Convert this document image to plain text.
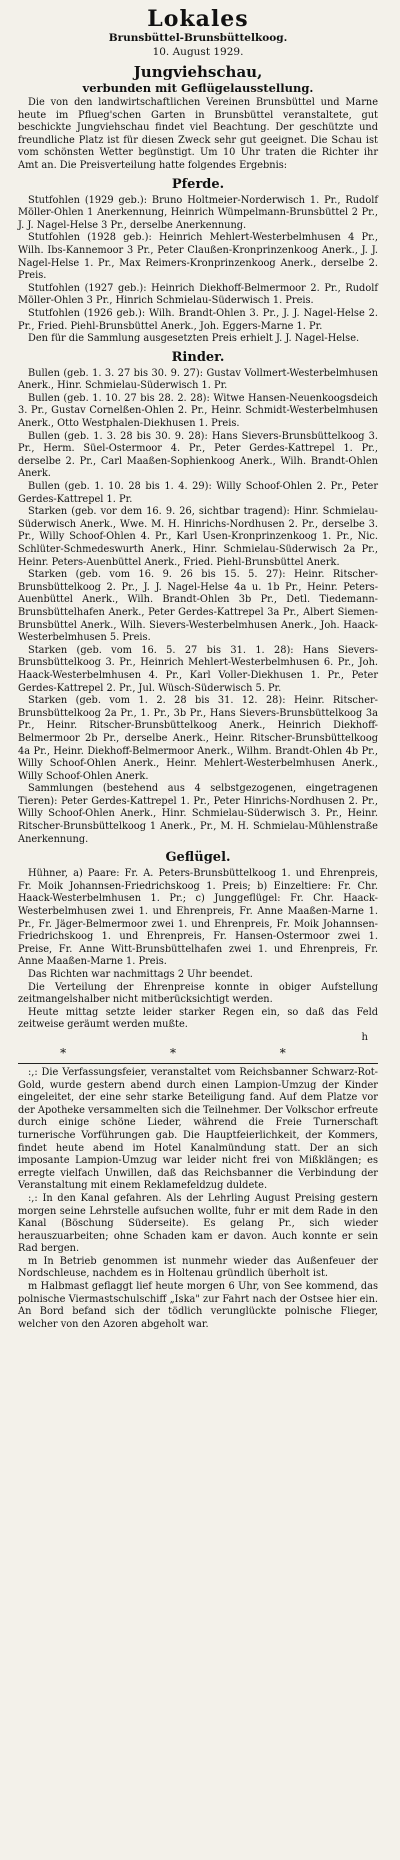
Lokales
Brunsbüttel-Brunsbüttelkoog.
10. August 1929.
Jungviehschau,
verbunden mit Geflügelausstellung.

Die von den landwirtschaftlichen Vereinen Brunsbüttel und Marne heute im Pflueg'schen Garten in Brunsbüttel veranstaltete, gut beschickte Jungviehschau findet viel Beachtung. Der geschützte und freundliche Platz ist für diesen Zweck sehr gut geeignet. Die Schau ist vom schönsten Wetter begünstigt. Um 10 Uhr traten die Richter ihr Amt an. Die Preisverteilung hatte folgendes Ergebnis:

Pferde.

Stutfohlen (1929 geb.): Bruno Holtmeier-Norderwisch 1. Pr., Rudolf Möller-Ohlen 1 Anerkennung, Heinrich Wümpelmann-Brunsbüttel 2 Pr., J. J. Nagel-Helse 3 Pr., derselbe Anerkennung.

Stutfohlen (1928 geb.): Heinrich Mehlert-Westerbelmhusen 4 Pr., Wilh. Ibs-Kannemoor 3 Pr., Peter Claußen-Kronprinzenkoog Anerk., J. J. Nagel-Helse 1. Pr., Max Reimers-Kronprinzenkoog Anerk., derselbe 2. Preis.

Stutfohlen (1927 geb.): Heinrich Diekhoff-Belmermoor 2. Pr., Rudolf Möller-Ohlen 3 Pr., Hinrich Schmielau-Süderwisch 1. Preis.

Stutfohlen (1926 geb.): Wilh. Brandt-Ohlen 3. Pr., J. J. Nagel-Helse 2. Pr., Fried. Piehl-Brunsbüttel Anerk., Joh. Eggers-Marne 1. Pr.

Den für die Sammlung ausgesetzten Preis erhielt J. J. Nagel-Helse.

Rinder.

Bullen (geb. 1. 3. 27 bis 30. 9. 27): Gustav Vollmert-Westerbelmhusen Anerk., Hinr. Schmielau-Süderwisch 1. Pr.

Bullen (geb. 1. 10. 27 bis 28. 2. 28): Witwe Hansen-Neuenkoogsdeich 3. Pr., Gustav Cornelßen-Ohlen 2. Pr., Heinr. Schmidt-Westerbelmhusen Anerk., Otto Westphalen-Diekhusen 1. Preis.

Bullen (geb. 1. 3. 28 bis 30. 9. 28): Hans Sievers-Brunsbüttelkoog 3. Pr., Herm. Süel-Ostermoor 4. Pr., Peter Gerdes-Kattrepel 1. Pr., derselbe 2. Pr., Carl Maaßen-Sophienkoog Anerk., Wilh. Brandt-Ohlen Anerk.

Bullen (geb. 1. 10. 28 bis 1. 4. 29): Willy Schoof-Ohlen 2. Pr., Peter Gerdes-Kattrepel 1. Pr.

Starken (geb. vor dem 16. 9. 26, sichtbar tragend): Hinr. Schmielau-Süderwisch Anerk., Wwe. M. H. Hinrichs-Nordhusen 2. Pr., derselbe 3. Pr., Willy Schoof-Ohlen 4. Pr., Karl Usen-Kronprinzenkoog 1. Pr., Nic. Schlüter-Schmedeswurth Anerk., Hinr. Schmielau-Süderwisch 2a Pr., Heinr. Peters-Auenbüttel Anerk., Fried. Piehl-Brunsbüttel Anerk.

Starken (geb. vom 16. 9. 26 bis 15. 5. 27): Heinr. Ritscher-Brunsbüttelkoog 2. Pr., J. J. Nagel-Helse 4a u. 1b Pr., Heinr. Peters-Auenbüttel Anerk., Wilh. Brandt-Ohlen 3b Pr., Detl. Tiedemann-Brunsbüttelhafen Anerk., Peter Gerdes-Kattrepel 3a Pr., Albert Siemen-Brunsbüttel Anerk., Wilh. Sievers-Westerbelmhusen Anerk., Joh. Haack-Westerbelmhusen 5. Preis.

Starken (geb. vom 16. 5. 27 bis 31. 1. 28): Hans Sievers-Brunsbüttelkoog 3. Pr., Heinrich Mehlert-Westerbelmhusen 6. Pr., Joh. Haack-Westerbelmhusen 4. Pr., Karl Voller-Diekhusen 1. Pr., Peter Gerdes-Kattrepel 2. Pr., Jul. Wüsch-Süderwisch 5. Pr.

Starken (geb. vom 1. 2. 28 bis 31. 12. 28): Heinr. Ritscher-Brunsbüttelkoog 2a Pr., 1. Pr., 3b Pr., Hans Sievers-Brunsbüttelkoog 3a Pr., Heinr. Ritscher-Brunsbüttelkoog Anerk., Heinrich Diekhoff-Belmermoor 2b Pr., derselbe Anerk., Heinr. Ritscher-Brunsbüttelkoog 4a Pr., Heinr. Diekhoff-Belmermoor Anerk., Wilhm. Brandt-Ohlen 4b Pr., Willy Schoof-Ohlen Anerk., Heinr. Mehlert-Westerbelmhusen Anerk., Willy Schoof-Ohlen Anerk.

Sammlungen (bestehend aus 4 selbstgezogenen, eingetragenen Tieren): Peter Gerdes-Kattrepel 1. Pr., Peter Hinrichs-Nordhusen 2. Pr., Willy Schoof-Ohlen Anerk., Hinr. Schmielau-Süderwisch 3. Pr., Heinr. Ritscher-Brunsbüttelkoog 1 Anerk., Pr., M. H. Schmielau-Mühlenstraße Anerkennung.

Geflügel.

Hühner, a) Paare: Fr. A. Peters-Brunsbüttelkoog 1. und Ehrenpreis, Fr. Moik Johannsen-Friedrichskoog 1. Preis; b) Einzeltiere: Fr. Chr. Haack-Westerbelmhusen 1. Pr.; c) Junggeflügel: Fr. Chr. Haack-Westerbelmhusen zwei 1. und Ehrenpreis, Fr. Anne Maaßen-Marne 1. Pr., Fr. Jäger-Belmermoor zwei 1. und Ehrenpreis, Fr. Moik Johannsen-Friedrichskoog 1. und Ehrenpreis, Fr. Hansen-Ostermoor zwei 1. Preise, Fr. Anne Witt-Brunsbüttelhafen zwei 1. und Ehrenpreis, Fr. Anne Maaßen-Marne 1. Preis.

Das Richten war nachmittags 2 Uhr beendet.

Die Verteilung der Ehrenpreise konnte in obiger Aufstellung zeitmangelshalber nicht mitberücksichtigt werden.

Heute mittag setzte leider starker Regen ein, so daß das Feld zeitweise geräumt werden mußte.

h
* * *

:,: Die Verfassungsfeier, veranstaltet vom Reichsbanner Schwarz-Rot-Gold, wurde gestern abend durch einen Lampion-Umzug der Kinder eingeleitet, der eine sehr starke Beteiligung fand. Auf dem Platze vor der Apotheke versammelten sich die Teilnehmer. Der Volkschor erfreute durch einige schöne Lieder, während die Freie Turnerschaft turnerische Vorführungen gab. Die Hauptfeierlichkeit, der Kommers, findet heute abend im Hotel Kanalmündung statt. Der an sich imposante Lampion-Umzug war leider nicht frei von Mißklängen; es erregte vielfach Unwillen, daß das Reichsbanner die Verbindung der Veranstaltung mit einem Reklamefeldzug duldete.

:,: In den Kanal gefahren. Als der Lehrling August Preising gestern morgen seine Lehrstelle aufsuchen wollte, fuhr er mit dem Rade in den Kanal (Böschung Süderseite). Es gelang Pr., sich wieder herauszuarbeiten; ohne Schaden kam er davon. Auch konnte er sein Rad bergen.

m In Betrieb genommen ist nunmehr wieder das Außenfeuer der Nordschleuse, nachdem es in Holtenau gründlich überholt ist.

m Halbmast geflaggt lief heute morgen 6 Uhr, von See kommend, das polnische Viermastschulschiff „Iska" zur Fahrt nach der Ostsee hier ein. An Bord befand sich der tödlich verunglückte polnische Flieger, welcher von den Azoren abgeholt war.
